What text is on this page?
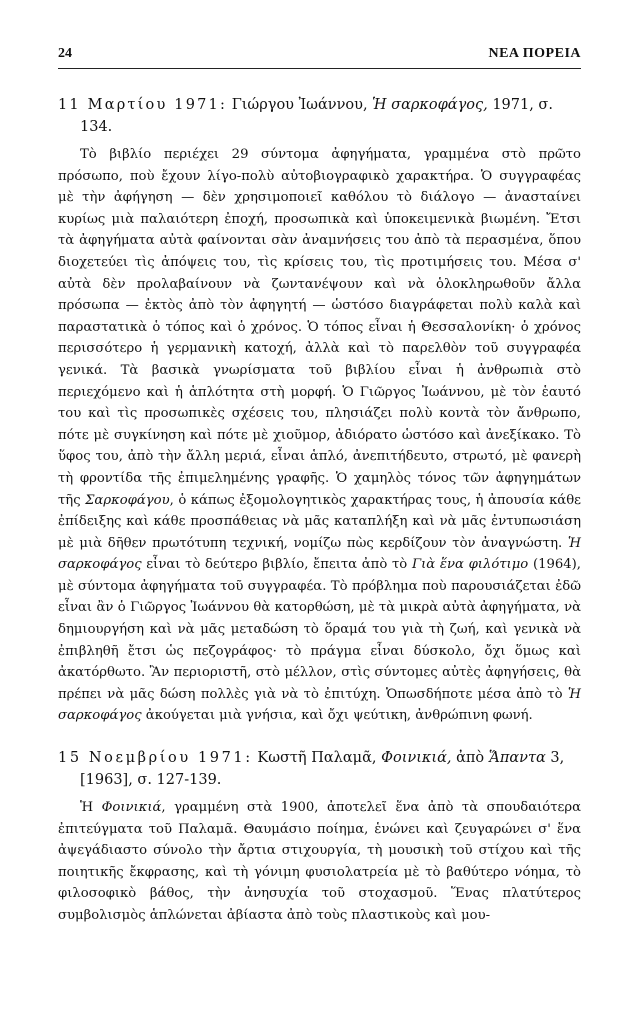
24	ΝΕΑ ΠΟΡΕΙΑ
11 Μαρτίου 1971: Γιώργου Ἰωάννου, Ἡ σαρκοφάγος, 1971, σ. 134.

Τὸ βιβλίο περιέχει 29 σύντομα ἀφηγήματα, γραμμένα στὸ πρῶτο πρόσωπο, ποὺ ἔχουν λίγο-πολὺ αὐτοβιογραφικὸ χαρακτήρα. Ὁ συγγραφέας μὲ τὴν ἀφήγηση — δὲν χρησιμοποιεῖ καθόλου τὸ διάλογο — ἀνασταίνει κυρίως μιὰ παλαιότερη ἐποχή, προσωπικὰ καὶ ὑποκειμενικὰ βιωμένη. Ἔτσι τὰ ἀφηγήματα αὐτὰ φαίνονται σὰν ἀναμνήσεις του ἀπὸ τὰ περασμένα, ὅπου διοχετεύει τὶς ἀπόψεις του, τὶς κρίσεις του, τὶς προτιμήσεις του. Μέσα σ' αὐτὰ δὲν προλαβαίνουν νὰ ζωντανέψουν καὶ νὰ ὁλοκληρωθοῦν ἄλλα πρόσωπα — ἐκτὸς ἀπὸ τὸν ἀφηγητή — ὡστόσο διαγράφεται πολὺ καλὰ καὶ παραστατικὰ ὁ τόπος καὶ ὁ χρόνος. Ὁ τόπος εἶναι ἡ Θεσσαλονίκη· ὁ χρόνος περισσότερο ἡ γερμανικὴ κατοχή, ἀλλὰ καὶ τὸ παρελθὸν τοῦ συγγραφέα γενικά. Τὰ βασικὰ γνωρίσματα τοῦ βιβλίου εἶναι ἡ ἀνθρωπιὰ στὸ περιεχόμενο καὶ ἡ ἁπλότητα στὴ μορφή. Ὁ Γιῶργος Ἰωάννου, μὲ τὸν ἑαυτό του καὶ τὶς προσωπικὲς σχέσεις του, πλησιάζει πολὺ κοντὰ τὸν ἄνθρωπο, πότε μὲ συγκίνηση καὶ πότε μὲ χιοῦμορ, ἀδιόρατο ὡστόσο καὶ ἀνεξίκακο. Τὸ ὕφος του, ἀπὸ τὴν ἄλλη μεριά, εἶναι ἁπλό, ἀνεπιτήδευτο, στρωτό, μὲ φανερὴ τὴ φροντίδα τῆς ἐπιμελημένης γραφῆς. Ὁ χαμηλὸς τόνος τῶν ἀφηγημάτων τῆς Σαρκοφάγου, ὁ κάπως ἐξομολογητικὸς χαρακτήρας τους, ἡ ἀπουσία κάθε ἐπίδειξης καὶ κάθε προσπάθειας νὰ μᾶς καταπλήξη καὶ νὰ μᾶς ἐντυπωσιάση μὲ μιὰ δῆθεν πρωτότυπη τεχνική, νομίζω πὼς κερδίζουν τὸν ἀναγνώστη. Ἡ σαρκοφάγος εἶναι τὸ δεύτερο βιβλίο, ἔπειτα ἀπὸ τὸ Γιὰ ἕνα φιλότιμο (1964), μὲ σύντομα ἀφηγήματα τοῦ συγγραφέα. Τὸ πρόβλημα ποὺ παρουσιάζεται ἐδῶ εἶναι ἂν ὁ Γιῶργος Ἰωάννου θὰ κατορθώση, μὲ τὰ μικρὰ αὐτὰ ἀφηγήματα, νὰ δημιουργήση καὶ νὰ μᾶς μεταδώση τὸ ὅραμά του γιὰ τὴ ζωή, καὶ γενικὰ νὰ ἐπιβληθῆ ἔτσι ὡς πεζογράφος· τὸ πράγμα εἶναι δύσκολο, ὄχι ὅμως καὶ ἀκατόρθωτο. Ἂν περιοριστῆ, στὸ μέλλον, στὶς σύντομες αὐτὲς ἀφηγήσεις, θὰ πρέπει νὰ μᾶς δώση πολλὲς γιὰ νὰ τὸ ἐπιτύχη. Ὁπωσδήποτε μέσα ἀπὸ τὸ Ἡ σαρκοφάγος ἀκούγεται μιὰ γνήσια, καὶ ὄχι ψεύτικη, ἀνθρώπινη φωνή.

15 Νοεμβρίου 1971: Κωστῆ Παλαμᾶ, Φοινικιά, ἀπὸ Ἅπαντα 3, [1963], σ. 127-139.

Ἡ Φοινικιά, γραμμένη στὰ 1900, ἀποτελεῖ ἕνα ἀπὸ τὰ σπουδαιότερα ἐπιτεύγματα τοῦ Παλαμᾶ. Θαυμάσιο ποίημα, ἑνώνει καὶ ζευγαρώνει σ' ἕνα ἀψεγάδιαστο σύνολο τὴν ἄρτια στιχουργία, τὴ μουσικὴ τοῦ στίχου καὶ τῆς ποιητικῆς ἔκφρασης, καὶ τὴ γόνιμη φυσιολατρεία μὲ τὸ βαθύτερο νόημα, τὸ φιλοσοφικὸ βάθος, τὴν ἀνησυχία τοῦ στοχασμοῦ. Ἕνας πλατύτερος συμβολισμὸς ἁπλώνεται ἀβίαστα ἀπὸ τοὺς πλαστικοὺς καὶ μου-
